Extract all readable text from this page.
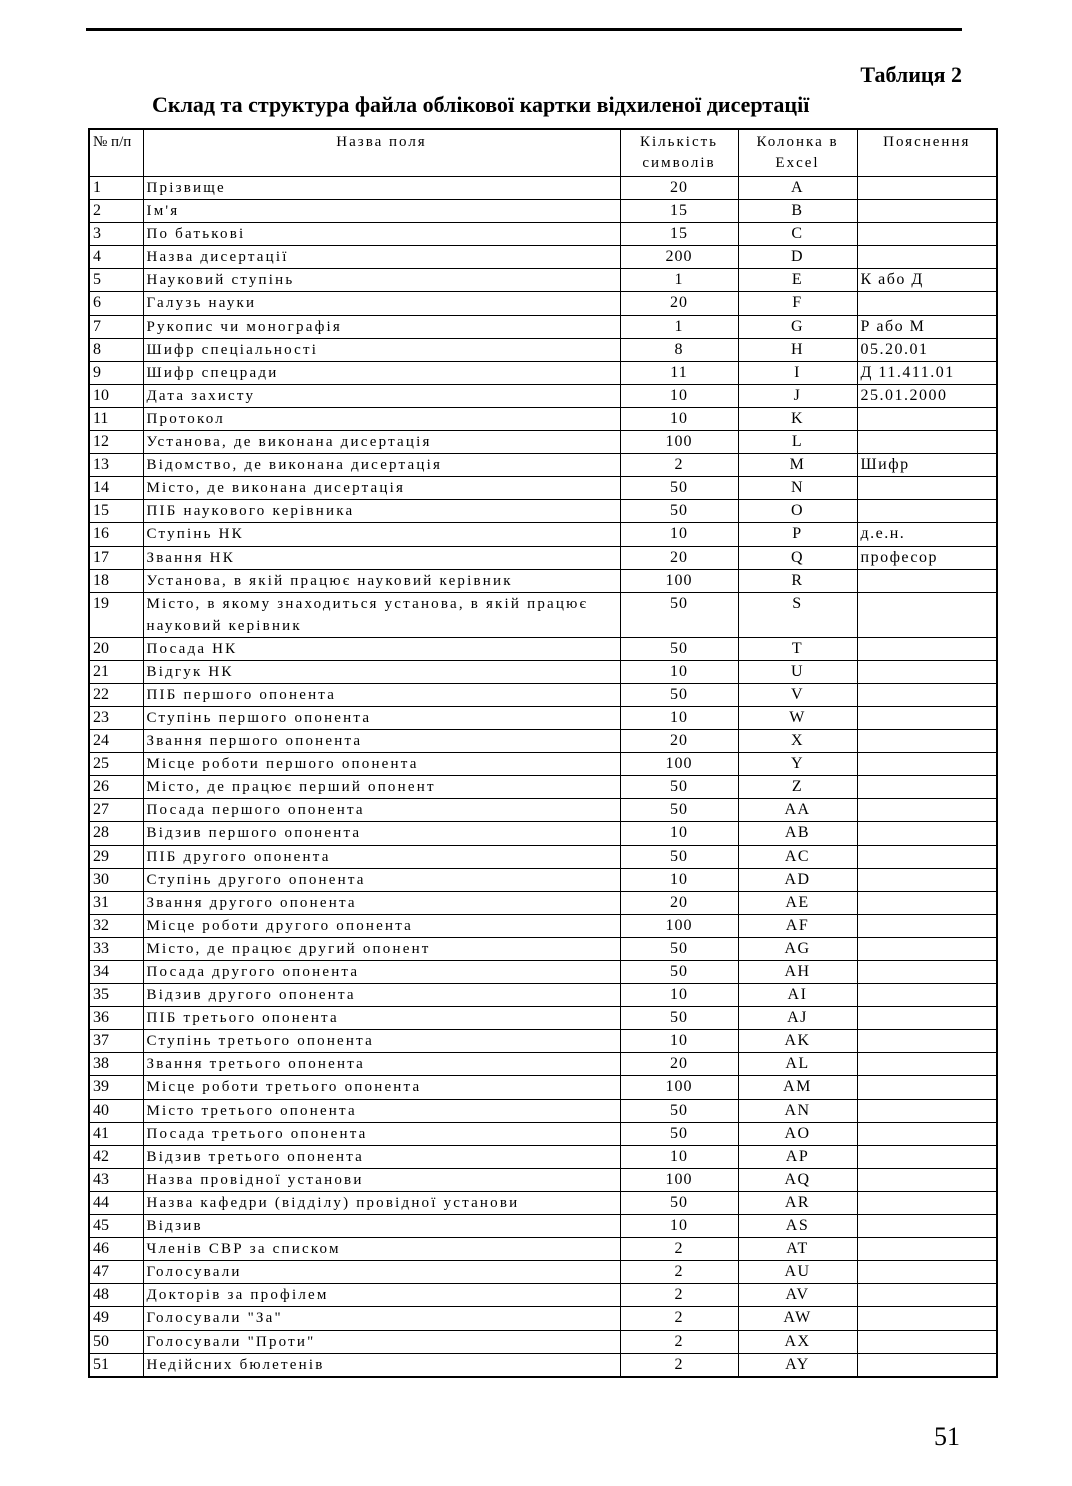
Таблиця 2
Склад та структура файла облікової картки відхиленої дисертації
№ п/п	Назва поля	Кількість символів	Колонка в Excel	Пояснення
1	Прізвище	20	A	
2	Ім'я	15	B	
3	По батькові	15	C	
4	Назва дисертації	200	D	
5	Науковий ступінь	1	E	К або Д
6	Галузь науки	20	F	
7	Рукопис чи монографія	1	G	Р або М
8	Шифр спеціальності	8	H	05.20.01
9	Шифр спецради	11	I	Д 11.411.01
10	Дата захисту	10	J	25.01.2000
11	Протокол	10	K	
12	Установа, де виконана дисертація	100	L	
13	Відомство, де виконана дисертація	2	M	Шифр
14	Місто, де виконана дисертація	50	N	
15	ПІБ наукового керівника	50	O	
16	Ступінь НК	10	P	д.е.н.
17	Звання НК	20	Q	професор
18	Установа, в якій працює науковий керівник	100	R	
19	Місто, в якому знаходиться установа, в якій працює науковий керівник	50	S	
20	Посада НК	50	T	
21	Відгук НК	10	U	
22	ПІБ першого опонента	50	V	
23	Ступінь першого опонента	10	W	
24	Звання першого опонента	20	X	
25	Місце роботи першого опонента	100	Y	
26	Місто, де працює перший опонент	50	Z	
27	Посада першого опонента	50	AA	
28	Відзив першого опонента	10	AB	
29	ПІБ другого опонента	50	AC	
30	Ступінь другого опонента	10	AD	
31	Звання другого опонента	20	AE	
32	Місце роботи другого опонента	100	AF	
33	Місто, де працює другий опонент	50	AG	
34	Посада другого опонента	50	AH	
35	Відзив другого опонента	10	AI	
36	ПІБ третього опонента	50	AJ	
37	Ступінь третього опонента	10	AK	
38	Звання третього опонента	20	AL	
39	Місце роботи третього опонента	100	AM	
40	Місто третього опонента	50	AN	
41	Посада третього опонента	50	AO	
42	Відзив третього опонента	10	AP	
43	Назва провідної установи	100	AQ	
44	Назва кафедри (відділу) провідної установи	50	AR	
45	Відзив	10	AS	
46	Членів СВР за списком	2	AT	
47	Голосували	2	AU	
48	Докторів за профілем	2	AV	
49	Голосували "За"	2	AW	
50	Голосували "Проти"	2	AX	
51	Недійсних бюлетенів	2	AY	
51
